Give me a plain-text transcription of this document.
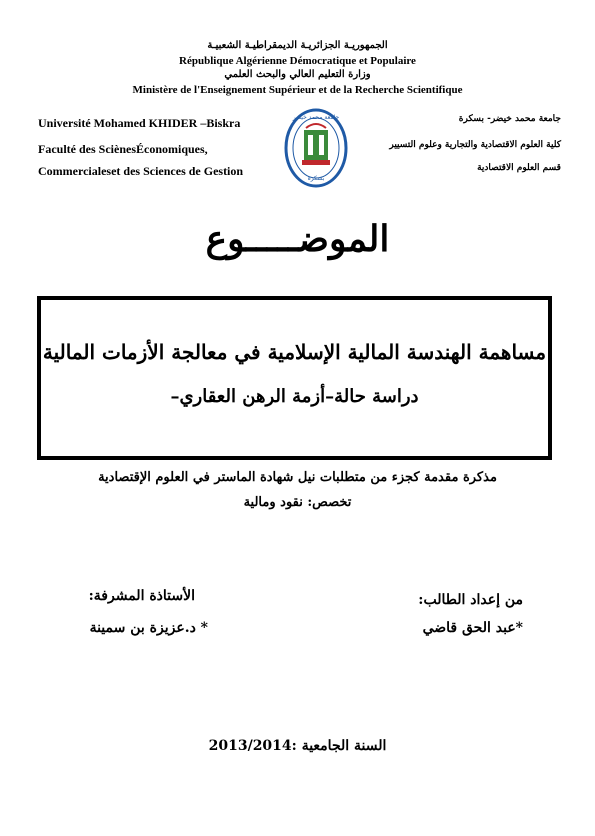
الجمهوريـة الجزائريـة الديمقراطيـة الشعبيـة
République Algérienne Démocratique et Populaire
وزارة التعليم العالي والبحث العلمي
Ministère de l'Enseignement Supérieur et de la Recherche Scientifique
Université Mohamed KHIDER –Biskra
Faculté des SciènesÉconomiques,
Commercialeset des Sciences de Gestion
جامعة محمد خيضر- بسكرة
كلية العلوم الاقتصادية والتجارية وعلوم التسيير
قسم العلوم الاقتصادية
جامعة محمد خيضر
بسكرة
الموضـــــوع
مساهمة الهندسة المالية الإسلامية في معالجة الأزمات المالية
دراسة حالة–أزمة الرهن العقاري–
مذكرة مقدمة كجزء من متطلبات نيل شهادة الماستر في العلوم الإقتصادية
تخصص: نقود ومالية
من إعداد الطالب:
*عبد الحق قاضي
الأستاذة المشرفة:
* د.عزيزة بن سمينة
السنة الجامعية :2013/2014
